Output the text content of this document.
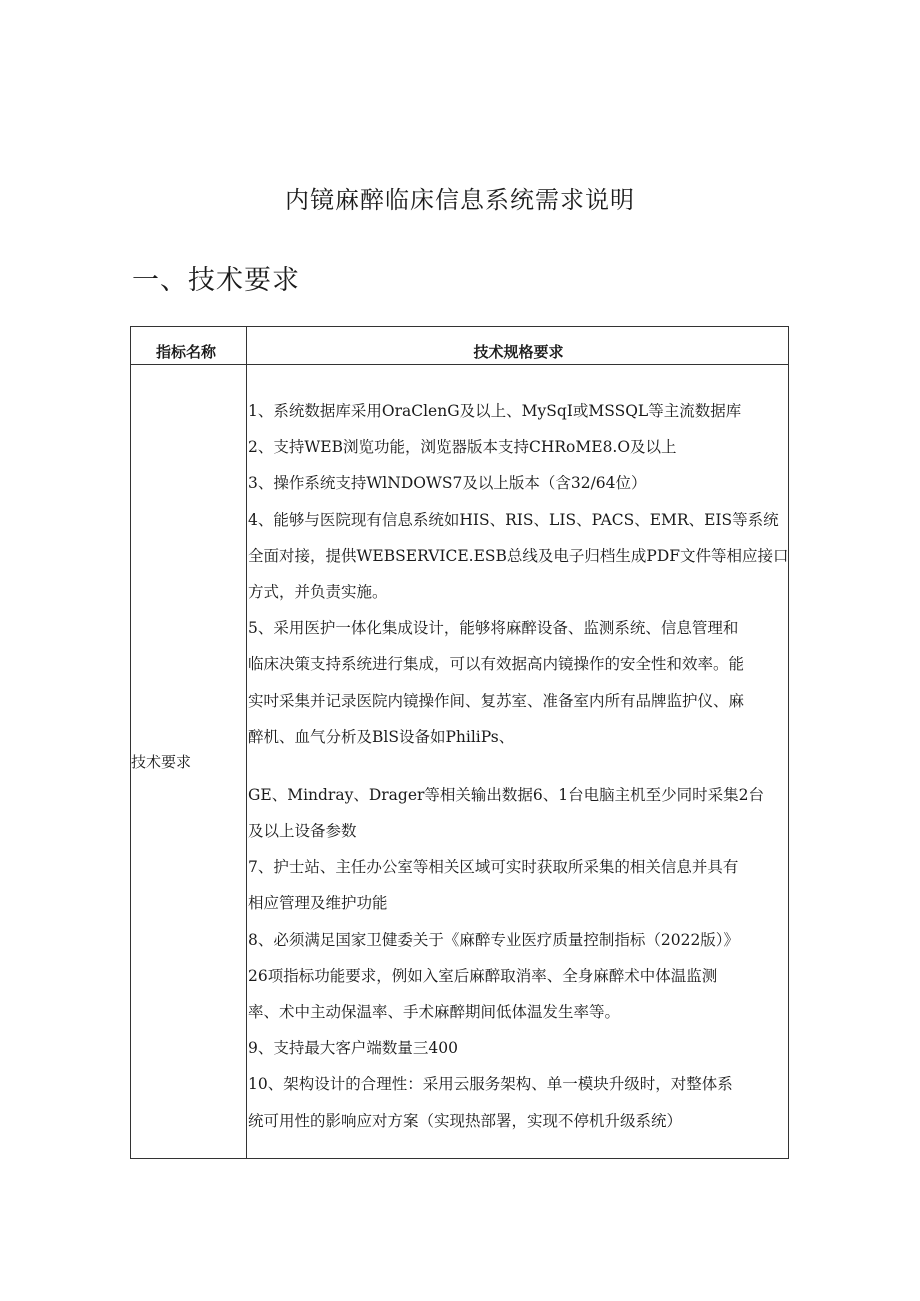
内镜麻醉临床信息系统需求说明
一、技术要求
指标名称	技术规格要求
技术要求
1、系统数据库采用OraClenG及以上、MySqI或MSSQL等主流数据库
2、支持WEB浏览功能，浏览器版本支持CHRoME8.O及以上
3、操作系统支持WlNDOWS7及以上版本（含32/64位）
4、能够与医院现有信息系统如HIS、RIS、LIS、PACS、EMR、EIS等系统
全面对接，提供WEBSERVICE.ESB总线及电子归档生成PDF文件等相应接口
方式，并负责实施。
5、采用医护一体化集成设计，能够将麻醉设备、监测系统、信息管理和
临床决策支持系统进行集成，可以有效据高内镜操作的安全性和效率。能
实吋采集并记录医院内镜操作间、复苏室、准备室内所有品牌监护仪、麻
醉机、血气分析及BlS设备如PhiliPs、
GE、Mindray、Drager等相关输出数据6、1台电脑主机至少同时采集2台
及以上设备参数
7、护士站、主任办公室等相关区域可实时获取所采集的相关信息并具有
相应管理及维护功能
8、必须满足国家卫健委关于《麻醉专业医疗质量控制指标（2022版）》
26项指标功能要求，例如入室后麻醉取消率、全身麻醉术中体温监测
率、术中主动保温率、手术麻醉期间低体温发生率等。
9、支持最大客户端数量三400
10、架构设计的合理性：采用云服务架构、单一模块升级时，对整体系
统可用性的影响应对方案（实现热部署，实现不停机升级系统）
